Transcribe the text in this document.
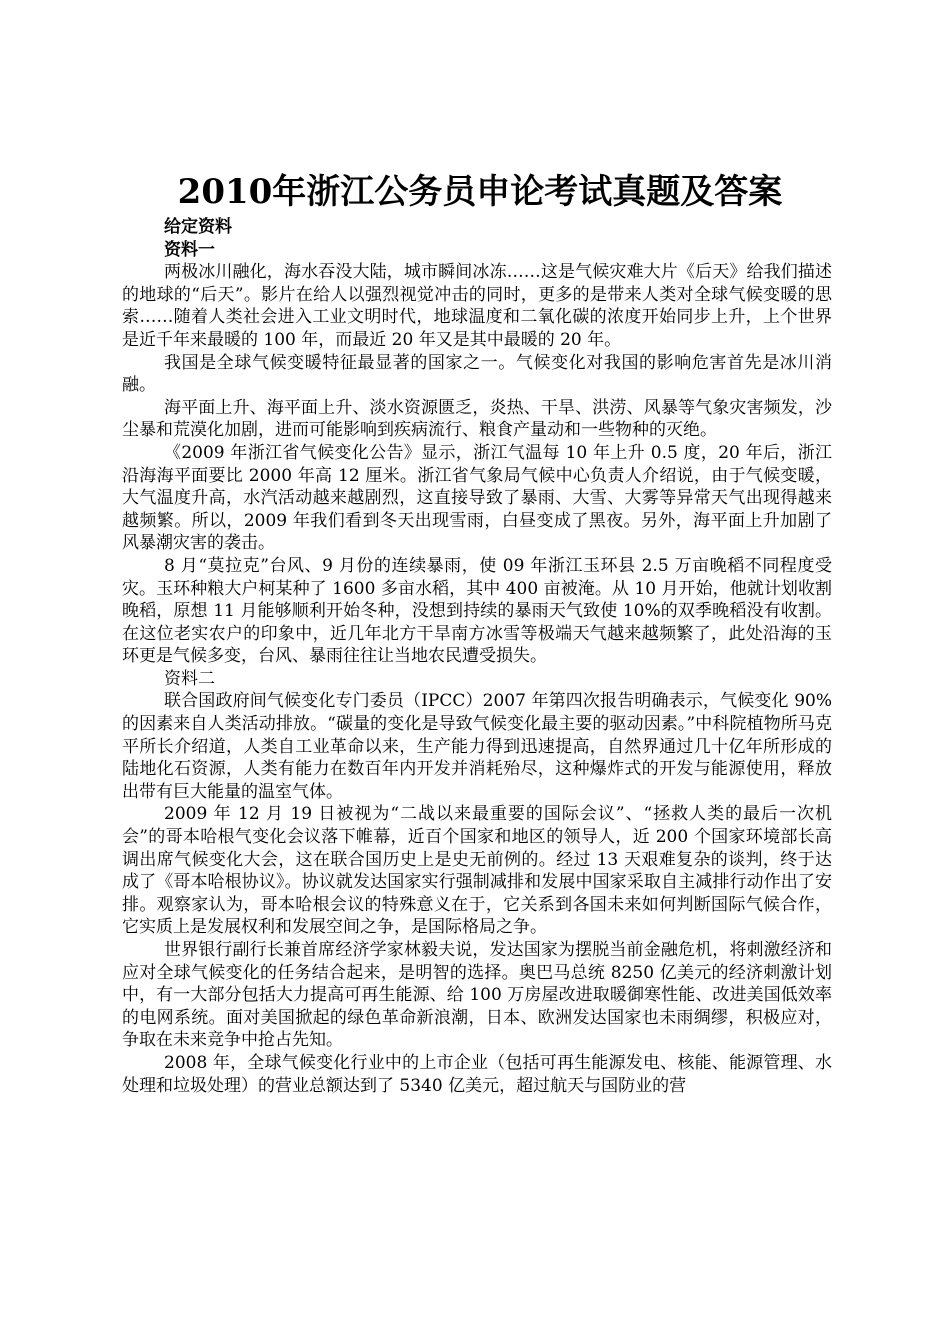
2010年浙江公务员申论考试真题及答案
给定资料
资料一

两极冰川融化，海水吞没大陆，城市瞬间冰冻……这是气候灾难大片《后天》给我们描述的地球的“后天”。影片在给人以强烈视觉冲击的同时，更多的是带来人类对全球气候变暖的思索……随着人类社会进入工业文明时代，地球温度和二氧化碳的浓度开始同步上升，上个世界是近千年来最暖的 100 年，而最近 20 年又是其中最暖的 20 年。

我国是全球气候变暖特征最显著的国家之一。气候变化对我国的影响危害首先是冰川消融。

海平面上升、海平面上升、淡水资源匮乏，炎热、干旱、洪涝、风暴等气象灾害频发，沙尘暴和荒漠化加剧，进而可能影响到疾病流行、粮食产量动和一些物种的灭绝。

《2009 年浙江省气候变化公告》显示，浙江气温每 10 年上升 0.5 度，20 年后，浙江沿海海平面要比 2000 年高 12 厘米。浙江省气象局气候中心负责人介绍说，由于气候变暖，大气温度升高，水汽活动越来越剧烈，这直接导致了暴雨、大雪、大雾等异常天气出现得越来越频繁。所以，2009 年我们看到冬天出现雪雨，白昼变成了黑夜。另外，海平面上升加剧了风暴潮灾害的袭击。

8 月“莫拉克”台风、9 月份的连续暴雨，使 09 年浙江玉环县 2.5 万亩晚稻不同程度受灾。玉环种粮大户柯某种了 1600 多亩水稻，其中 400 亩被淹。从 10 月开始，他就计划收割晚稻，原想 11 月能够顺利开始冬种，没想到持续的暴雨天气致使 10%的双季晚稻没有收割。在这位老实农户的印象中，近几年北方干旱南方冰雪等极端天气越来越频繁了，此处沿海的玉环更是气候多变，台风、暴雨往往让当地农民遭受损失。

资料二

联合国政府间气候变化专门委员（IPCC）2007 年第四次报告明确表示，气候变化 90%的因素来自人类活动排放。“碳量的变化是导致气候变化最主要的驱动因素。”中科院植物所马克平所长介绍道，人类自工业革命以来，生产能力得到迅速提高，自然界通过几十亿年所形成的陆地化石资源，人类有能力在数百年内开发并消耗殆尽，这种爆炸式的开发与能源使用，释放出带有巨大能量的温室气体。

2009 年 12 月 19 日被视为“二战以来最重要的国际会议”、“拯救人类的最后一次机会”的哥本哈根气变化会议落下帷幕，近百个国家和地区的领导人，近 200 个国家环境部长高调出席气候变化大会，这在联合国历史上是史无前例的。经过 13 天艰难复杂的谈判，终于达成了《哥本哈根协议》。协议就发达国家实行强制减排和发展中国家采取自主减排行动作出了安排。观察家认为，哥本哈根会议的特殊意义在于，它关系到各国未来如何判断国际气候合作，它实质上是发展权利和发展空间之争，是国际格局之争。

世界银行副行长兼首席经济学家林毅夫说，发达国家为摆脱当前金融危机，将刺激经济和应对全球气候变化的任务结合起来，是明智的选择。奥巴马总统 8250 亿美元的经济刺激计划中，有一大部分包括大力提高可再生能源、给 100 万房屋改进取暖御寒性能、改进美国低效率的电网系统。面对美国掀起的绿色革命新浪潮，日本、欧洲发达国家也未雨绸缪，积极应对，争取在未来竞争中抢占先知。

2008 年，全球气候变化行业中的上市企业（包括可再生能源发电、核能、能源管理、水处理和垃圾处理）的营业总额达到了 5340 亿美元，超过航天与国防业的营
